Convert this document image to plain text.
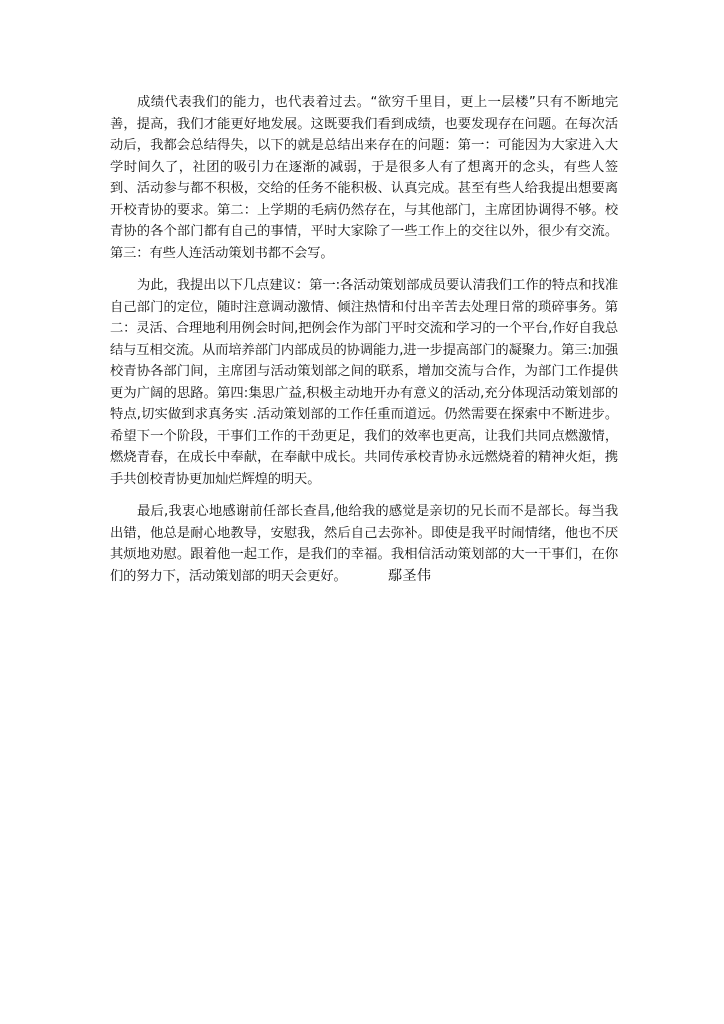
成绩代表我们的能力，也代表着过去。“欲穷千里目，更上一层楼”只有不断地完善，提高，我们才能更好地发展。这既要我们看到成绩，也要发现存在问题。在每次活动后，我都会总结得失，以下的就是总结出来存在的问题：第一：可能因为大家进入大学时间久了，社团的吸引力在逐渐的减弱，于是很多人有了想离开的念头，有些人签到、活动参与都不积极，交给的任务不能积极、认真完成。甚至有些人给我提出想要离开校青协的要求。第二：上学期的毛病仍然存在，与其他部门，主席团协调得不够。校青协的各个部门都有自己的事情，平时大家除了一些工作上的交往以外，很少有交流。第三：有些人连活动策划书都不会写。

为此，我提出以下几点建议：第一:各活动策划部成员要认清我们工作的特点和找准自己部门的定位，随时注意调动激情、倾注热情和付出辛苦去处理日常的琐碎事务。第二：灵活、合理地利用例会时间,把例会作为部门平时交流和学习的一个平台,作好自我总结与互相交流。从而培养部门内部成员的协调能力,进一步提高部门的凝聚力。第三:加强校青协各部门间，主席团与活动策划部之间的联系，增加交流与合作，为部门工作提供更为广阔的思路。第四:集思广益,积极主动地开办有意义的活动,充分体现活动策划部的特点,切实做到求真务实 .活动策划部的工作任重而道远。仍然需要在探索中不断进步。希望下一个阶段，干事们工作的干劲更足，我们的效率也更高，让我们共同点燃激情，燃烧青春，在成长中奉献，在奉献中成长。共同传承校青协永远燃烧着的精神火炬，携手共创校青协更加灿烂辉煌的明天。

最后,我衷心地感谢前任部长查昌,他给我的感觉是亲切的兄长而不是部长。每当我出错，他总是耐心地教导，安慰我，然后自己去弥补。即使是我平时闹情绪，他也不厌其烦地劝慰。跟着他一起工作，是我们的幸福。我相信活动策划部的大一干事们，在你们的努力下，活动策划部的明天会更好。	鄢圣伟
